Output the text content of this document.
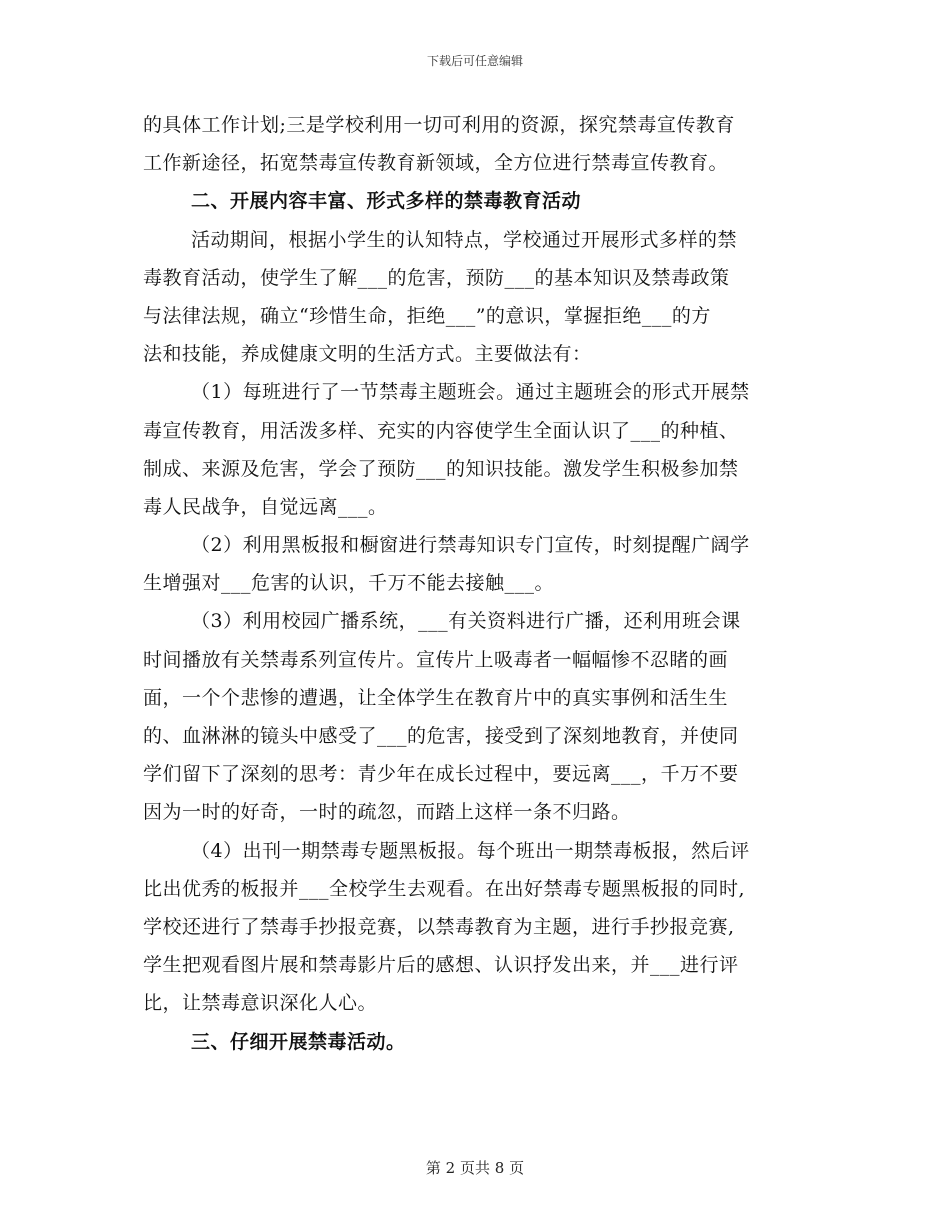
下载后可任意编辑
的具体工作计划;三是学校利用一切可利用的资源，探究禁毒宣传教育
工作新途径，拓宽禁毒宣传教育新领域，全方位进行禁毒宣传教育。
二、开展内容丰富、形式多样的禁毒教育活动
活动期间，根据小学生的认知特点，学校通过开展形式多样的禁
毒教育活动，使学生了解___的危害，预防___的基本知识及禁毒政策
与法律法规，确立“珍惜生命，拒绝___”的意识，掌握拒绝___的方
法和技能，养成健康文明的生活方式。主要做法有：
（1）每班进行了一节禁毒主题班会。通过主题班会的形式开展禁
毒宣传教育，用活泼多样、充实的内容使学生全面认识了___的种植、
制成、来源及危害，学会了预防___的知识技能。激发学生积极参加禁
毒人民战争，自觉远离___。
（2）利用黑板报和橱窗进行禁毒知识专门宣传，时刻提醒广阔学
生增强对___危害的认识，千万不能去接触___。
（3）利用校园广播系统，___有关资料进行广播，还利用班会课
时间播放有关禁毒系列宣传片。宣传片上吸毒者一幅幅惨不忍睹的画
面，一个个悲惨的遭遇，让全体学生在教育片中的真实事例和活生生
的、血淋淋的镜头中感受了___的危害，接受到了深刻地教育，并使同
学们留下了深刻的思考：青少年在成长过程中，要远离___，千万不要
因为一时的好奇，一时的疏忽，而踏上这样一条不归路。
（4）出刊一期禁毒专题黑板报。每个班出一期禁毒板报，然后评
比出优秀的板报并___全校学生去观看。在出好禁毒专题黑板报的同时,
学校还进行了禁毒手抄报竞赛，以禁毒教育为主题，进行手抄报竞赛,
学生把观看图片展和禁毒影片后的感想、认识抒发出来，并___进行评
比，让禁毒意识深化人心。
三、仔细开展禁毒活动。
第 2 页共 8 页
